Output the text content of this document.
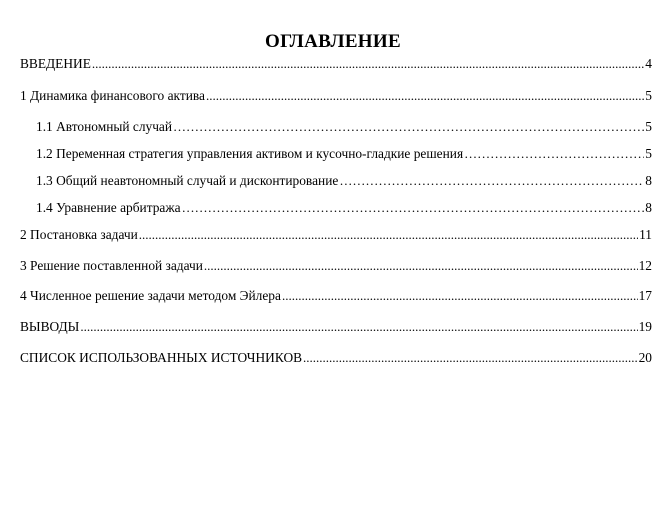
ОГЛАВЛЕНИЕ
ВВЕДЕНИЕ .....	4
1 Динамика финансового актива .....	5
1.1 Автономный случай ……………………………………………………………………………………………………………………………………………………………………………………………………………………………	5
1.2 Переменная стратегия управления активом и кусочно-гладкие решения ……………………………………………………………………………………………………………………………………………………………………………………………………………………………	5
1.3 Общий неавтономный случай и дисконтирование ……………………………………………………………………………………………………………………………………………………………………………………………………………………………	8
1.4 Уравнение арбитража ……………………………………………………………………………………………………………………………………………………………………………………………………………………………	8
2 Постановка задачи .....	11
3 Решение поставленной задачи .....	12
4 Численное решение задачи методом Эйлера .....	17
ВЫВОДЫ .....	19
СПИСОК ИСПОЛЬЗОВАННЫХ ИСТОЧНИКОВ .....	20
